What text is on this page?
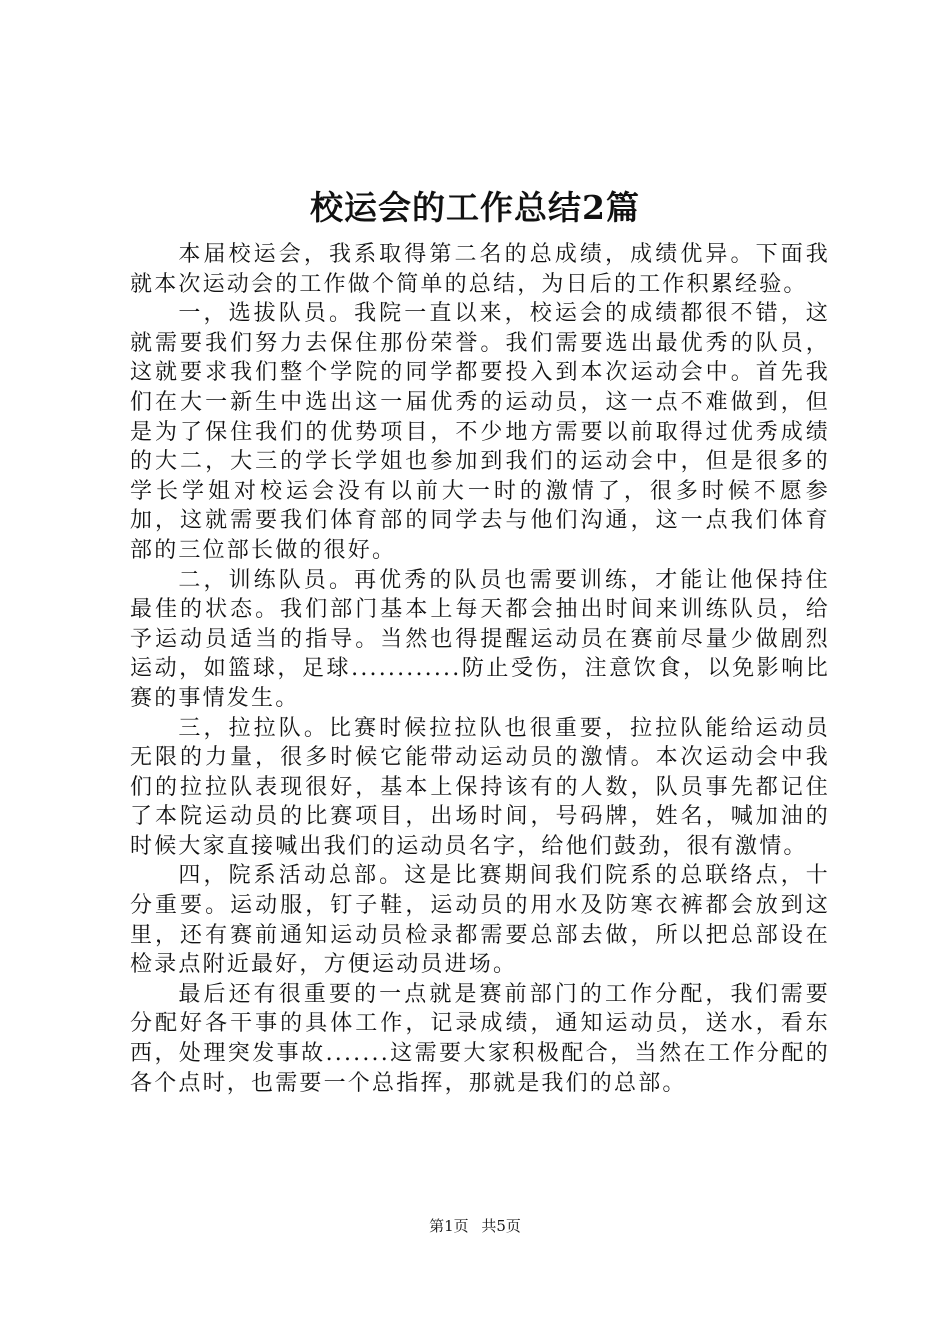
校运会的工作总结2篇

本届校运会，我系取得第二名的总成绩，成绩优异。下面我就本次运动会的工作做个简单的总结，为日后的工作积累经验。

一，选拔队员。我院一直以来，校运会的成绩都很不错，这就需要我们努力去保住那份荣誉。我们需要选出最优秀的队员，这就要求我们整个学院的同学都要投入到本次运动会中。首先我们在大一新生中选出这一届优秀的运动员，这一点不难做到，但是为了保住我们的优势项目，不少地方需要以前取得过优秀成绩的大二，大三的学长学姐也参加到我们的运动会中，但是很多的学长学姐对校运会没有以前大一时的激情了，很多时候不愿参加，这就需要我们体育部的同学去与他们沟通，这一点我们体育部的三位部长做的很好。

二，训练队员。再优秀的队员也需要训练，才能让他保持住最佳的状态。我们部门基本上每天都会抽出时间来训练队员，给予运动员适当的指导。当然也得提醒运动员在赛前尽量少做剧烈运动，如篮球，足球............防止受伤，注意饮食，以免影响比赛的事情发生。

三，拉拉队。比赛时候拉拉队也很重要，拉拉队能给运动员无限的力量，很多时候它能带动运动员的激情。本次运动会中我们的拉拉队表现很好，基本上保持该有的人数，队员事先都记住了本院运动员的比赛项目，出场时间，号码牌，姓名，喊加油的时候大家直接喊出我们的运动员名字，给他们鼓劲，很有激情。

四，院系活动总部。这是比赛期间我们院系的总联络点，十分重要。运动服，钉子鞋，运动员的用水及防寒衣裤都会放到这里，还有赛前通知运动员检录都需要总部去做，所以把总部设在检录点附近最好，方便运动员进场。

最后还有很重要的一点就是赛前部门的工作分配，我们需要分配好各干事的具体工作，记录成绩，通知运动员，送水，看东西，处理突发事故.......这需要大家积极配合，当然在工作分配的各个点时，也需要一个总指挥，那就是我们的总部。

第1页 共5页
